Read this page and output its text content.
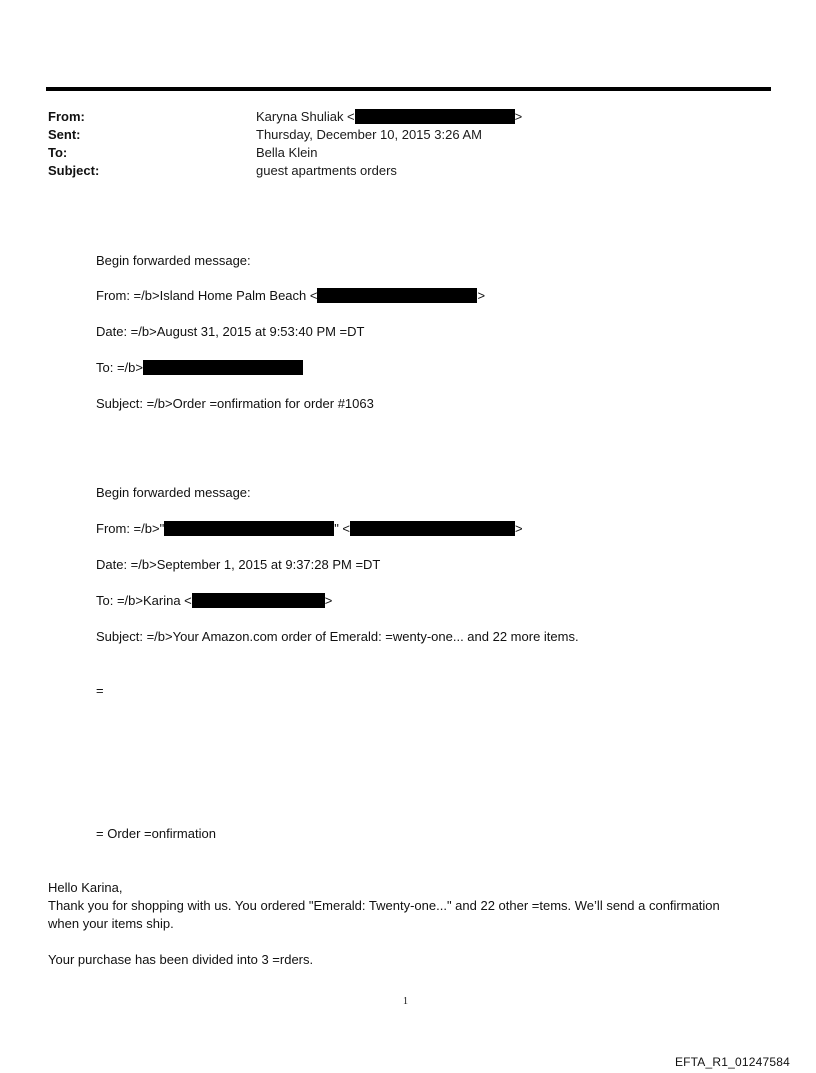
From:	Karyna Shuliak <	>
Sent:	Thursday, December 10, 2015 3:26 AM
To:	Bella Klein
Subject:	guest apartments orders
Begin forwarded message:
From: =/b>Island Home Palm Beach <	>
Date: =/b>August 31, 2015 at 9:53:40 PM =DT
To: =/b>
Subject: =/b>Order =onfirmation for order #1063
Begin forwarded message:
From: =/b>"	" <	>
Date: =/b>September 1, 2015 at 9:37:28 PM =DT
To: =/b>Karina <	>
Subject: =/b>Your Amazon.com order of Emerald: =wenty-one... and 22 more items.
=
= Order =onfirmation
Hello Karina,
Thank you for shopping with us. You ordered "Emerald: Twenty-one..." and 22 other =tems. We’ll send a confirmation
when your items ship.
Your purchase has been divided into 3 =rders.
1
EFTA_R1_01247584
